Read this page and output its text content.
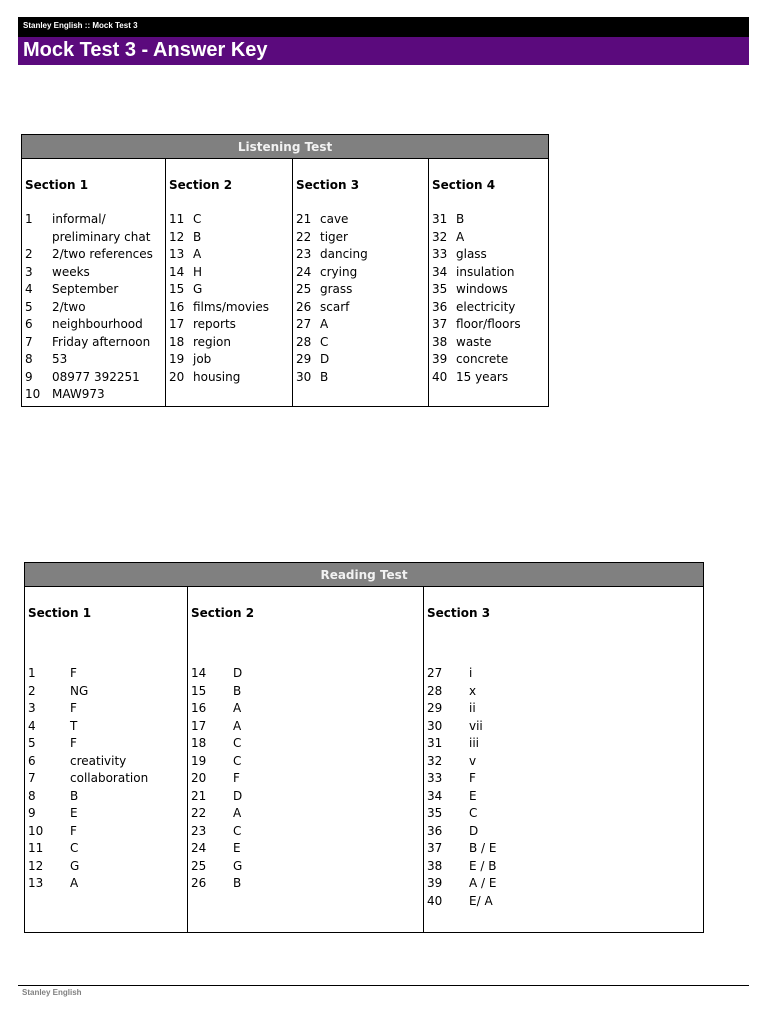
Stanley English :: Mock Test 3
Mock Test 3 - Answer Key
Listening Test

Section 1
1 informal/
preliminary chat
2 2/two references
3 weeks
4 September
5 2/two
6 neighbourhood
7 Friday afternoon
8 53
9 08977 392251
10 MAW973

Section 2
11 C
12 B
13 A
14 H
15 G
16 films/movies
17 reports
18 region
19 job
20 housing

Section 3
21 cave
22 tiger
23 dancing
24 crying
25 grass
26 scarf
27 A
28 C
29 D
30 B

Section 4
31 B
32 A
33 glass
34 insulation
35 windows
36 electricity
37 floor/floors
38 waste
39 concrete
40 15 years
Reading Test

Section 1
1	F
2	NG
3	F
4	T
5	F
6	creativity
7	collaboration
8	B
9	E
10 F
11 C
12 G
13 A

Section 2
14 D
15 B
16 A
17 A
18 C
19 C
20 F
21 D
22 A
23 C
24 E
25 G
26 B

Section 3
27 i
28 x
29 ii
30 vii
31 iii
32 v
33 F
34 E
35 C
36 D
37 B / E
38 E / B
39 A / E
40 E/ A
Stanley English
